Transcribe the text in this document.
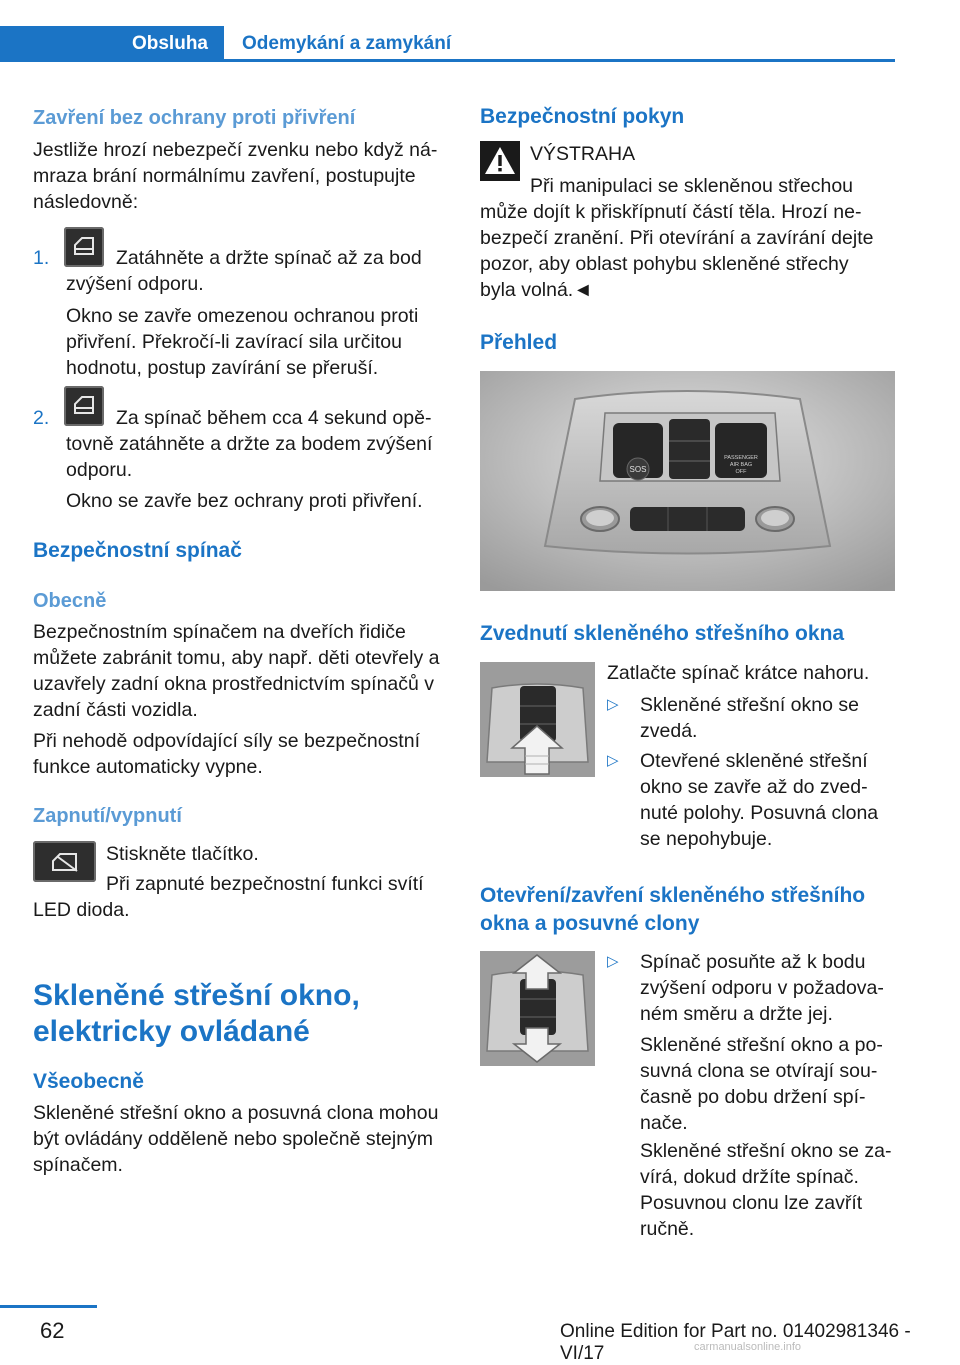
Obsluha	Odemykání a zamykání
Zavření bez ochrany proti přivření
Jestliže hrozí nebezpečí zvenku nebo když ná-
mraza brání normálnímu zavření, postupujte
následovně:
1.	Zatáhněte a držte spínač až za bod
zvýšení odporu.
Okno se zavře omezenou ochranou proti
přivření. Překročí-li zavírací sila určitou
hodnotu, postup zavírání se přeruší.
2.	Za spínač během cca 4 sekund opě-
tovně zatáhněte a držte za bodem zvýšení
odporu.
Okno se zavře bez ochrany proti přivření.
Bezpečnostní spínač
Obecně
Bezpečnostním spínačem na dveřích řidiče
můžete zabránit tomu, aby např. děti otevřely a
uzavřely zadní okna prostřednictvím spínačů v
zadní části vozidla.
Při nehodě odpovídající síly se bezpečnostní
funkce automaticky vypne.
Zapnutí/vypnutí
Stiskněte tlačítko.
Při zapnuté bezpečnostní funkci svítí
LED dioda.
Skleněné střešní okno,
elektricky ovládané
Všeobecně
Skleněné střešní okno a posuvná clona mohou
být ovládány odděleně nebo společně stejným
spínačem.
Bezpečnostní pokyn
VÝSTRAHA
Při manipulaci se skleněnou střechou
může dojít k přiskřípnutí částí těla. Hrozí ne-
bezpečí zranění. Při otevírání a zavírání dejte
pozor, aby oblast pohybu skleněné střechy
byla volná.◄
Přehled
SOS
PASSENGER
AIR BAG
OFF
Zvednutí skleněného střešního okna
Zatlačte spínač krátce nahoru.
▷ Skleněné střešní okno se
zvedá.
▷ Otevřené skleněné střešní
okno se zavře až do zved-
nuté polohy. Posuvná clona
se nepohybuje.
Otevření/zavření skleněného střešního
okna a posuvné clony
▷ Spínač posuňte až k bodu
zvýšení odporu v požadova-
ném směru a držte jej.
Skleněné střešní okno a po-
suvná clona se otvírají sou-
časně po dobu držení spí-
nače.
Skleněné střešní okno se za-
vírá, dokud držíte spínač.
Posuvnou clonu lze zavřít
ručně.
62	Online Edition for Part no. 01402981346 - VI/17	carmanualsonline.info
